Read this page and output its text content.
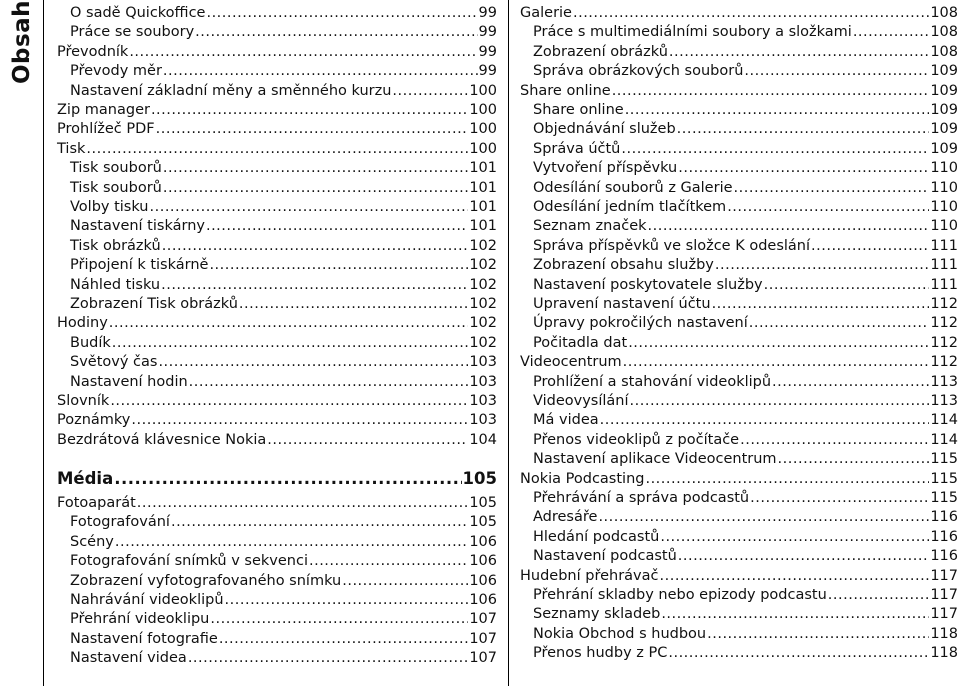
Obsah O sadě Quickoffice .....	99
Práce se soubory .....	99
Převodník .....	99
Převody měr .....	99
Nastavení základní měny a směnného kurzu .....	100
Zip manager .....	100
Prohlížeč PDF .....	100
Tisk .....	100
Tisk souborů .....	101
Tisk souborů .....	101
Volby tisku .....	101
Nastavení tiskárny .....	101
Tisk obrázků .....	102
Připojení k tiskárně .....	102
Náhled tisku .....	102
Zobrazení Tisk obrázků .....	102
Hodiny .....	102
Budík .....	102
Světový čas .....	103
Nastavení hodin .....	103
Slovník .....	103
Poznámky .....	103
Bezdrátová klávesnice Nokia .....	104
Média .....	105
Fotoaparát .....	105
Fotografování .....	105
Scény .....	106
Fotografování snímků v sekvenci .....	106
Zobrazení vyfotografovaného snímku .....	106
Nahrávání videoklipů .....	106
Přehrání videoklipu .....	107
Nastavení fotografie .....	107
Nastavení videa .....	107
Galerie .....	108
Práce s multimediálními soubory a složkami .....	108
Zobrazení obrázků .....	108
Správa obrázkových souborů .....	109
Share online .....	109
Share online .....	109
Objednávání služeb .....	109
Správa účtů .....	109
Vytvoření příspěvku .....	110
Odesílání souborů z Galerie .....	110
Odesílání jedním tlačítkem .....	110
Seznam značek .....	110
Správa příspěvků ve složce K odeslání .....	111
Zobrazení obsahu služby .....	111
Nastavení poskytovatele služby .....	111
Upravení nastavení účtu .....	112
Úpravy pokročilých nastavení .....	112
Počitadla dat .....	112
Videocentrum .....	112
Prohlížení a stahování videoklipů .....	113
Videovysílání .....	113
Má videa .....	114
Přenos videoklipů z počítače .....	114
Nastavení aplikace Videocentrum .....	115
Nokia Podcasting .....	115
Přehrávání a správa podcastů .....	115
Adresáře .....	116
Hledání podcastů .....	116
Nastavení podcastů .....	116
Hudební přehrávač .....	117
Přehrání skladby nebo epizody podcastu .....	117
Seznamy skladeb .....	117
Nokia Obchod s hudbou .....	118
Přenos hudby z PC .....	118
